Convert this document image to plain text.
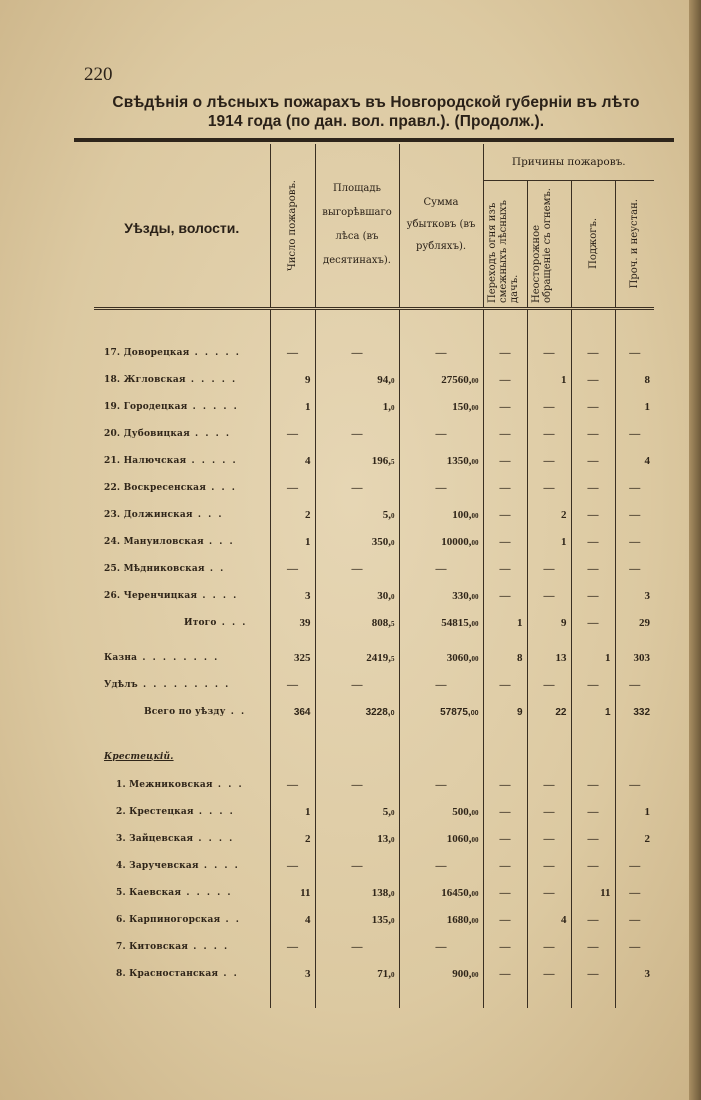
220
Свѣдѣнія о лѣсныхъ пожарахъ въ Новгородской губерніи въ лѣто
1914 года (по дан. вол. правл.). (Продолж.).
Уѣзды, волости.	Число пожаровъ.	Площадь выгорѣвшаго лѣса (въ десятинахъ).	Сумма убытковъ (въ рубляхъ).	Причины пожаровъ.			

				Переходъ огня изъ смежныхъ лѣсныхъ дачъ.	Неосторожное обращеніе съ огнемъ.	Поджогъ.	Проч. и неустан.

17. Доворецкая . . . . .	—	—	—	—	—	—	—
18. Жгловская . . . . .	9	94,0	27560,00	—	1	—	8
19. Городецкая . . . . .	1	1,0	150,00	—	—	—	1
20. Дубовицкая . . . .	—	—	—	—	—	—	—
21. Налючская . . . . .	4	196,5	1350,00	—	—	—	4
22. Воскресенская . . .	—	—	—	—	—	—	—
23. Должинская . . .	2	5,0	100,00	—	2	—	—
24. Мануиловская . . .	1	350,0	10000,00	—	1	—	—
25. Мѣдниковская . .	—	—	—	—	—	—	—
26. Черенчицкая . . . .	3	30,0	330,00	—	—	—	3
Итого . . .	39	808,5	54815,00	1	9	—	29

Казна . . . . . . . .	325	2419,5	3060,00	8	13	1	303
Удѣлъ . . . . . . . . .	—	—	—	—	—	—	—
Всего по уѣзду . .	364	3228,0	57875,00	9	22	1	332

Крестецкій.							
1. Межниковская . . .	—	—	—	—	—	—	—
2. Крестецкая . . . .	1	5,0	500,00	—	—	—	1
3. Зайцевская . . . .	2	13,0	1060,00	—	—	—	2
4. Заручевская . . . .	—	—	—	—	—	—	—
5. Каевская . . . . .	11	138,0	16450,00	—	—	11	—
6. Карпиногорская . .	4	135,0	1680,00	—	4	—	—
7. Китовская . . . .	—	—	—	—	—	—	—
8. Красностанская . .	3	71,0	900,00	—	—	—	3
